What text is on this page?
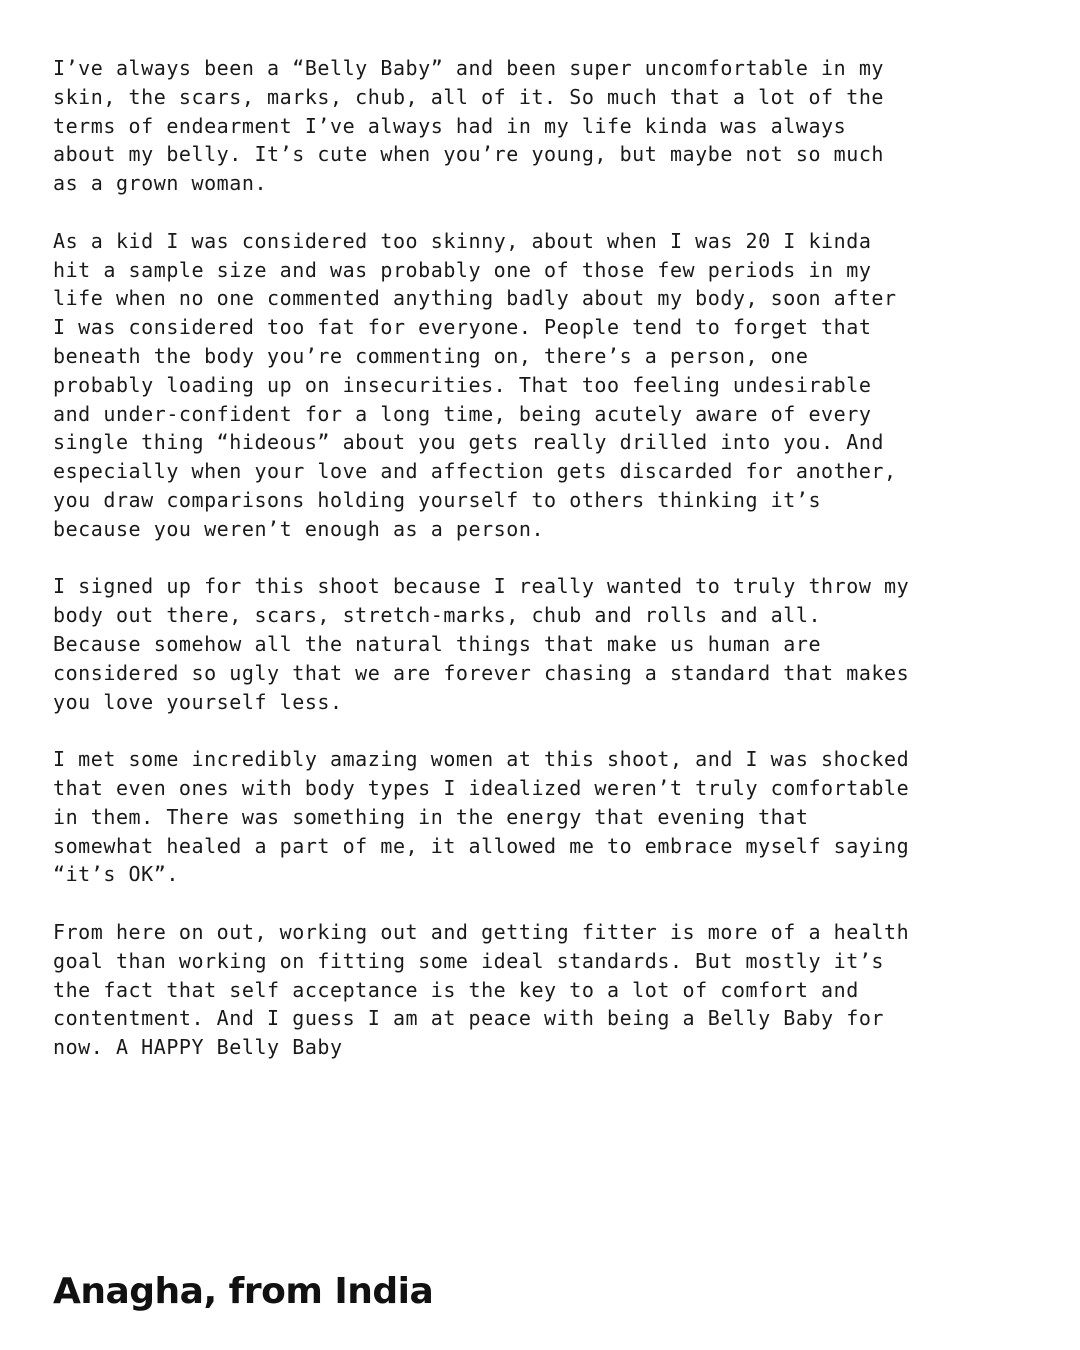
I’ve always been a “Belly Baby” and been super uncomfortable in my skin, the scars, marks, chub, all of it. So much that a lot of the terms of endearment I’ve always had in my life kinda was always about my belly. It’s cute when you’re young, but maybe not so much as a grown woman.

As a kid I was considered too skinny, about when I was 20 I kinda hit a sample size and was probably one of those few periods in my life when no one commented anything badly about my body, soon after I was considered too fat for everyone. People tend to forget that beneath the body you’re commenting on, there’s a person, one probably loading up on insecurities. That too feeling undesirable and under-confident for a long time, being acutely aware of every single thing “hideous” about you gets really drilled into you. And especially when your love and affection gets discarded for another, you draw comparisons holding yourself to others thinking it’s because you weren’t enough as a person.

I signed up for this shoot because I really wanted to truly throw my body out there, scars, stretch-marks, chub and rolls and all. Because somehow all the natural things that make us human are considered so ugly that we are forever chasing a standard that makes you love yourself less.

I met some incredibly amazing women at this shoot, and I was shocked that even ones with body types I idealized weren’t truly comfortable in them. There was something in the energy that evening that somewhat healed a part of me, it allowed me to embrace myself saying “it’s OK”.

From here on out, working out and getting fitter is more of a health goal than working on fitting some ideal standards. But mostly it’s the fact that self acceptance is the key to a lot of comfort and contentment. And I guess I am at peace with being a Belly Baby for now. A HAPPY Belly Baby

Anagha, from India
